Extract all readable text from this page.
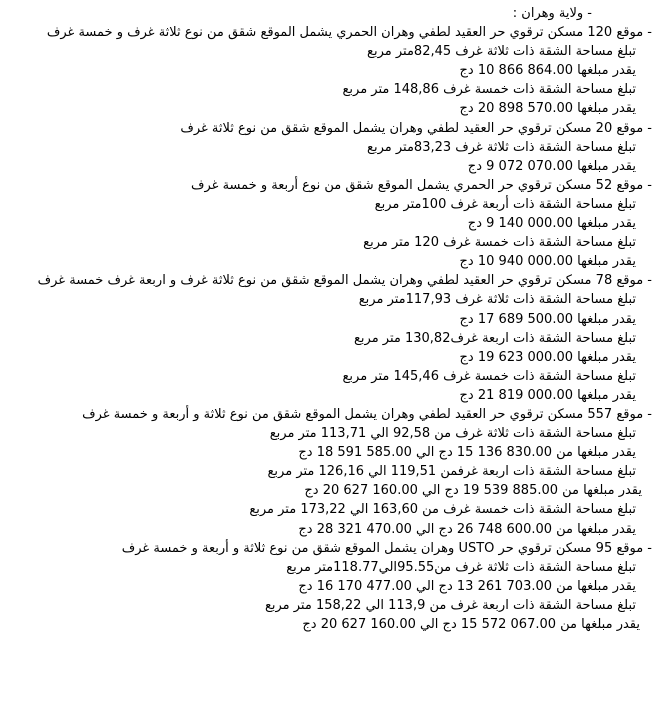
- ولاية وهران :
- موقع 120 مسكن ترقوي حر العقيد لطفي وهران الحمري يشمل الموقع شقق من نوع ثلاثة غرف و خمسة غرف
تبلغ مساحة الشقة ذات ثلاثة غرف 82,45متر مربع
يقدر مبلغها 864.00 866 10 دج
تبلغ مساحة الشقة ذات خمسة غرف 148,86 متر مربع
يقدر مبلغها 570.00 898 20 دج
- موقع 20 مسكن ترقوي حر العقيد لطفي وهران يشمل الموقع شقق من نوع ثلاثة غرف
تبلغ مساحة الشقة ذات ثلاثة غرف 83,23متر مربع
يقدر مبلغها 070.00 072 9 دج
- موقع 52 مسكن ترقوي حر الحمري يشمل الموقع شقق من نوع أربعة و خمسة غرف
تبلغ مساحة الشقة ذات أربعة غرف 100متر مربع
يقدر مبلغها 000.00 140 9 دج
تبلغ مساحة الشقة ذات خمسة غرف 120 متر مربع
يقدر مبلغها 000.00 940 10 دج
- موقع 78 مسكن ترقوي حر العقيد لطفي وهران يشمل الموقع شقق من نوع ثلاثة غرف و اربعة غرف خمسة غرف
تبلغ مساحة الشقة ذات ثلاثة غرف 117,93متر مربع
يقدر مبلغها 500.00 689 17 دج
تبلغ مساحة الشقة ذات اربعة غرف130,82 متر مربع
يقدر مبلغها 000.00 623 19 دج
تبلغ مساحة الشقة ذات خمسة غرف 145,46 متر مربع
يقدر مبلغها 000.00 819 21 دج
- موقع 557 مسكن ترقوي حر العقيد لطفي وهران يشمل الموقع شقق من نوع ثلاثة و أربعة و خمسة غرف
تبلغ مساحة الشقة ذات ثلاثة غرف من 92,58 الي 113,71 متر مربع
يقدر مبلغها من 830.00 136 15 دج الي 585.00 591 18 دج
تبلغ مساحة الشقة ذات اربعة غرفمن 119,51 الي 126,16 متر مربع
يقدر مبلغها من 885.00 539 19 دج الي 160.00 627 20 دج
تبلغ مساحة الشقة ذات خمسة غرف من 163,60 الي 173,22 متر مربع
يقدر مبلغها من 600.00 748 26 دج الي 470.00 321 28 دج
- موقع 95 مسكن ترقوي حر USTO وهران يشمل الموقع شقق من نوع ثلاثة و أربعة و خمسة غرف
تبلغ مساحة الشقة ذات ثلاثة غرف من95.55الي118.77متر مربع
يقدر مبلغها من 703.00 261 13 دج الي 477.00 170 16 دج
تبلغ مساحة الشقة ذات اربعة غرف من 113,9 الي 158,22 متر مربع
يقدر مبلغها من 067.00 572 15 دج الي 160.00 627 20 دج
